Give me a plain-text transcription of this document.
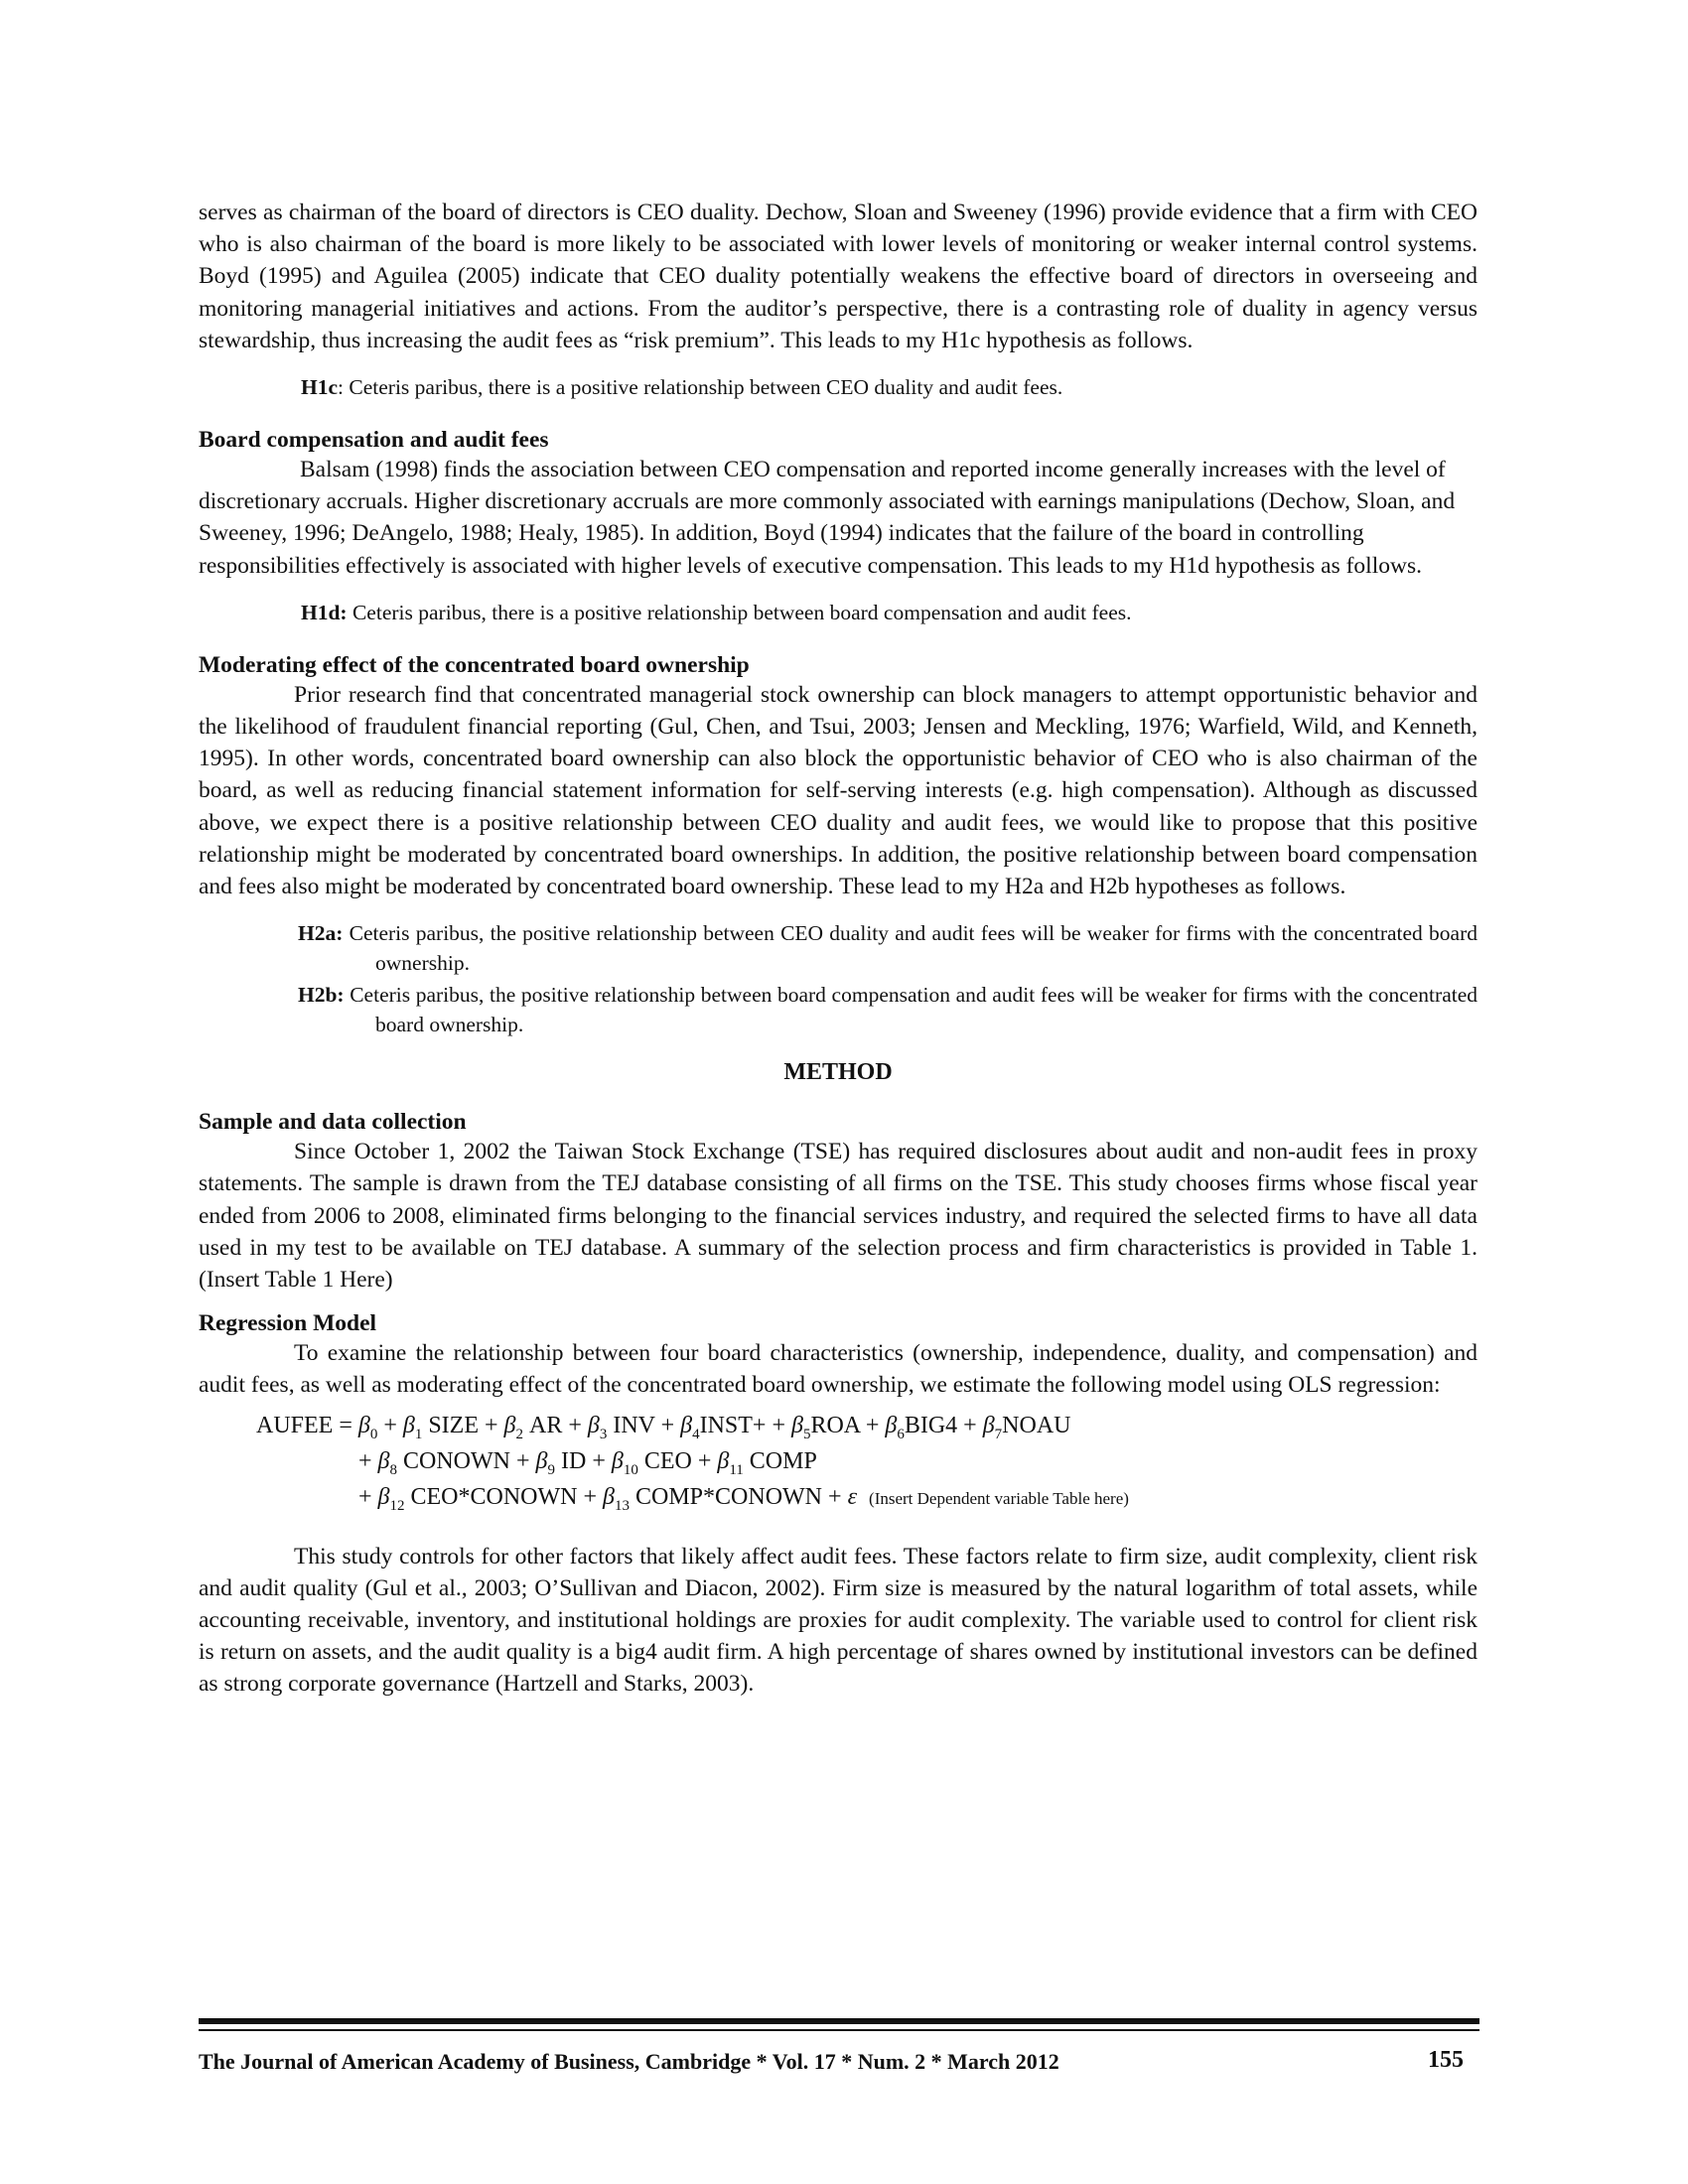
serves as chairman of the board of directors is CEO duality. Dechow, Sloan and Sweeney (1996) provide evidence that a firm with CEO who is also chairman of the board is more likely to be associated with lower levels of monitoring or weaker internal control systems. Boyd (1995) and Aguilea (2005) indicate that CEO duality potentially weakens the effective board of directors in overseeing and monitoring managerial initiatives and actions. From the auditor’s perspective, there is a contrasting role of duality in agency versus stewardship, thus increasing the audit fees as “risk premium”. This leads to my H1c hypothesis as follows.

H1c: Ceteris paribus, there is a positive relationship between CEO duality and audit fees.

Board compensation and audit fees

Balsam (1998) finds the association between CEO compensation and reported income generally increases with the level of discretionary accruals. Higher discretionary accruals are more commonly associated with earnings manipulations (Dechow, Sloan, and Sweeney, 1996; DeAngelo, 1988; Healy, 1985). In addition, Boyd (1994) indicates that the failure of the board in controlling responsibilities effectively is associated with higher levels of executive compensation. This leads to my H1d hypothesis as follows.

H1d: Ceteris paribus, there is a positive relationship between board compensation and audit fees.

Moderating effect of the concentrated board ownership

Prior research find that concentrated managerial stock ownership can block managers to attempt opportunistic behavior and the likelihood of fraudulent financial reporting (Gul, Chen, and Tsui, 2003; Jensen and Meckling, 1976; Warfield, Wild, and Kenneth, 1995). In other words, concentrated board ownership can also block the opportunistic behavior of CEO who is also chairman of the board, as well as reducing financial statement information for self-serving interests (e.g. high compensation). Although as discussed above, we expect there is a positive relationship between CEO duality and audit fees, we would like to propose that this positive relationship might be moderated by concentrated board ownerships. In addition, the positive relationship between board compensation and fees also might be moderated by concentrated board ownership. These lead to my H2a and H2b hypotheses as follows.

H2a: Ceteris paribus, the positive relationship between CEO duality and audit fees will be weaker for firms with the concentrated board ownership.

H2b: Ceteris paribus, the positive relationship between board compensation and audit fees will be weaker for firms with the concentrated board ownership.

METHOD
Sample and data collection

Since October 1, 2002 the Taiwan Stock Exchange (TSE) has required disclosures about audit and non-audit fees in proxy statements. The sample is drawn from the TEJ database consisting of all firms on the TSE. This study chooses firms whose fiscal year ended from 2006 to 2008, eliminated firms belonging to the financial services industry, and required the selected firms to have all data used in my test to be available on TEJ database. A summary of the selection process and firm characteristics is provided in Table 1. (Insert Table 1 Here)

Regression Model

To examine the relationship between four board characteristics (ownership, independence, duality, and compensation) and audit fees, as well as moderating effect of the concentrated board ownership, we estimate the following model using OLS regression:

AUFEE = $\beta_0 + \beta_1$ SIZE + $\beta_2$ AR + $\beta_3$ INV + $\beta_4INST+ + \beta_5ROA + \beta_6BIG4$ + $\beta_7NOAU$
+ $\beta_8$ CONOWN + $\beta_9$ ID + $\beta_{10}$ CEO + $\beta_{11}$ COMP
+ $\beta_{12}$ CEO*CONOWN + $\beta_{13}$ COMP*CONOWN + ε (Insert Dependent variable Table here)

This study controls for other factors that likely affect audit fees. These factors relate to firm size, audit complexity, client risk and audit quality (Gul et al., 2003; O’Sullivan and Diacon, 2002). Firm size is measured by the natural logarithm of total assets, while accounting receivable, inventory, and institutional holdings are proxies for audit complexity. The variable used to control for client risk is return on assets, and the audit quality is a big4 audit firm. A high percentage of shares owned by institutional investors can be defined as strong corporate governance (Hartzell and Starks, 2003).

The Journal of American Academy of Business, Cambridge * Vol. 17 * Num. 2 * March 2012	155
